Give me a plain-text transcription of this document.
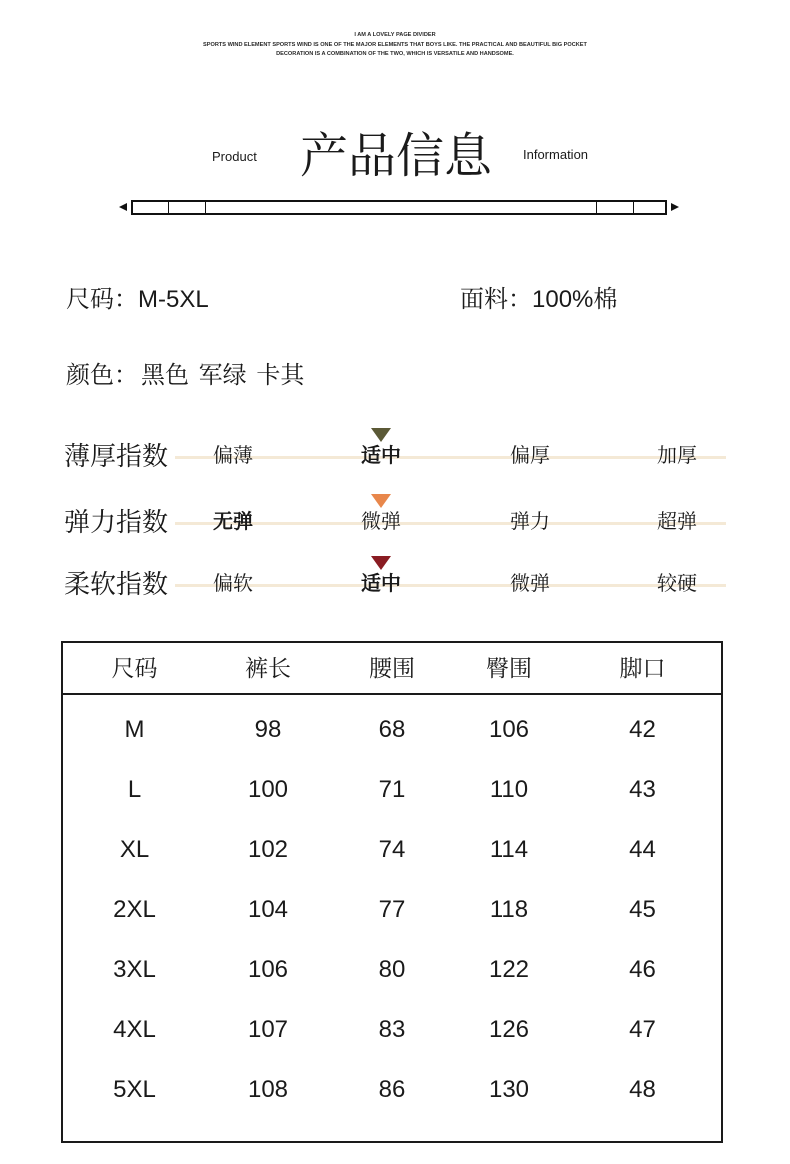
I AM A LOVELY PAGE DIVIDER
SPORTS WIND ELEMENT SPORTS WIND IS ONE OF THE MAJOR ELEMENTS THAT BOYS LIKE. THE PRACTICAL AND BEAUTIFUL BIG POCKET
DECORATION IS A COMBINATION OF THE TWO, WHICH IS VERSATILE AND HANDSOME.
Product 产品信息 Information
尺码：M-5XL	面料：100%棉
颜色： 黑色 军绿 卡其
薄厚指数 偏薄	适中	偏厚	加厚
弹力指数 无弹	微弹	弹力	超弹
柔软指数 偏软	适中	微弹	较硬
尺码	裤长	腰围	臀围	脚口
M	98	68	106	42
L	100	71	110	43
XL	102	74	114	44
2XL	104	77	118	45
3XL	106	80	122	46
4XL	107	83	126	47
5XL	108	86	130	48
